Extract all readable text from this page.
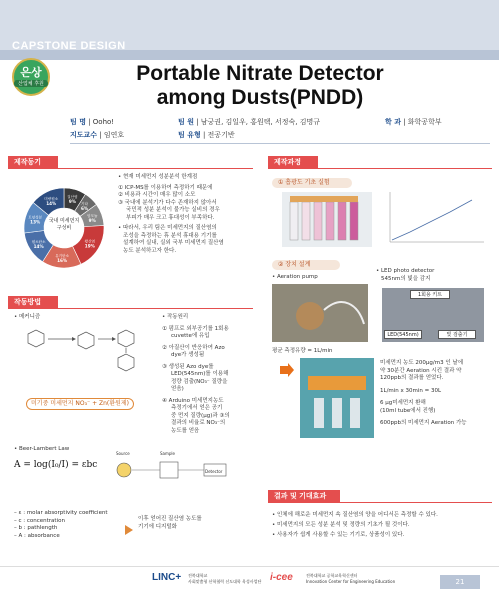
CAPSTONE DESIGN
은상
산업체 후원	Portable Nitrate Detector
among Dusts(PNDD)
팀 명 | Ooho!	팀 원 | 남궁권, 김일우, 홍원택, 서정숙, 김명규	학 과 | 화학공학부
지도교수 | 임연호	팀 유형 | 전공기반
제작동기
질산염
9% 기타
6%
암모늄
9%
황산염
19%
유기탄소
16%
원소탄소
14%
토양성분
13%
미량원소
14%
국내 미세먼지
구성비
• 현재 미세먼지 성분분석 한계점
① ICP-MS를 이용하여 측정하기 때문에
② 비용과 시간이 매우 많이 소모
③ 국내에 분석기가 다수 존재하지 않아서
국민적 성분 분석이 불가능 실비의 경우
부피가 매우 크고 휴대성이 부족하다.
• 따라서, 우리 팀은 미세먼지의 질산염의
조성을 측정하는 휴 분석 휴대용 기기를
설계하여 실내, 실외 국부 미세먼지 질산염
농도 분석하고자 한다.
작동방법
• 메커니즘
미기중 미세먼지 NO₃⁻ + Zn(환원제)
• 작동원리
① 펌프로 외부공기를 1회용
cuvette에 유입
② 아질산이 반응하여 Azo
dye가 생성됨
③ 생성된 Azo dye를
LED(545nm)를 이용해
정량 검출(NO₃⁻ 질량을
얻음)
④ Arduino 미세먼지농도
측정기에서 얻은 공기
중 먼지 질량(μg)과 ③의
결과의 비율로 NO₃⁻의
농도를 얻음
• Beer-Lambert Law
A = log(I₀/I) = εbc
Source	Sample
Detector
– ε : molar absorptivity coefficient
– c : concentration
– b : pathlength
– A : absorbance
이후 얻어진 질산염 농도를
기기에 디지털화
제작과정
① 흡광도 기초 실험
② 장치 설계
• Aeration pump
• LED photo detector
545nm의 빛을 감지
1회용 키트
LED(545nm)	빛 검출기
평균 측정유량 = 1L/min
미세먼지 농도 200μg/m3 인 날에
약 30분간 Aeration 시킨 결과 약
120ppb의 결과를 얻었다.
1L/min x 30min = 30L
6 μg미세먼지 환해
(10ml tube에서 진행)
600ppb의 미세먼지 Aeration 가능
결과 및 기대효과
• 인체에 해로운 미세먼지 속 질산염의 양을 어디서든 측정할 수 있다.
• 미세먼지의 모든 성분 분석 및 정량의 기초가 될 것이다.
• 사용자가 쉽게 사용할 수 있는 기기로, 상품성이 있다.
LINC+ 전북대학교
사회맞춤형 산학협력 선도대학 육성사업단 i-cee	전북대학교 공학교육혁신센터
Innovation Center for Engineering Education	21
